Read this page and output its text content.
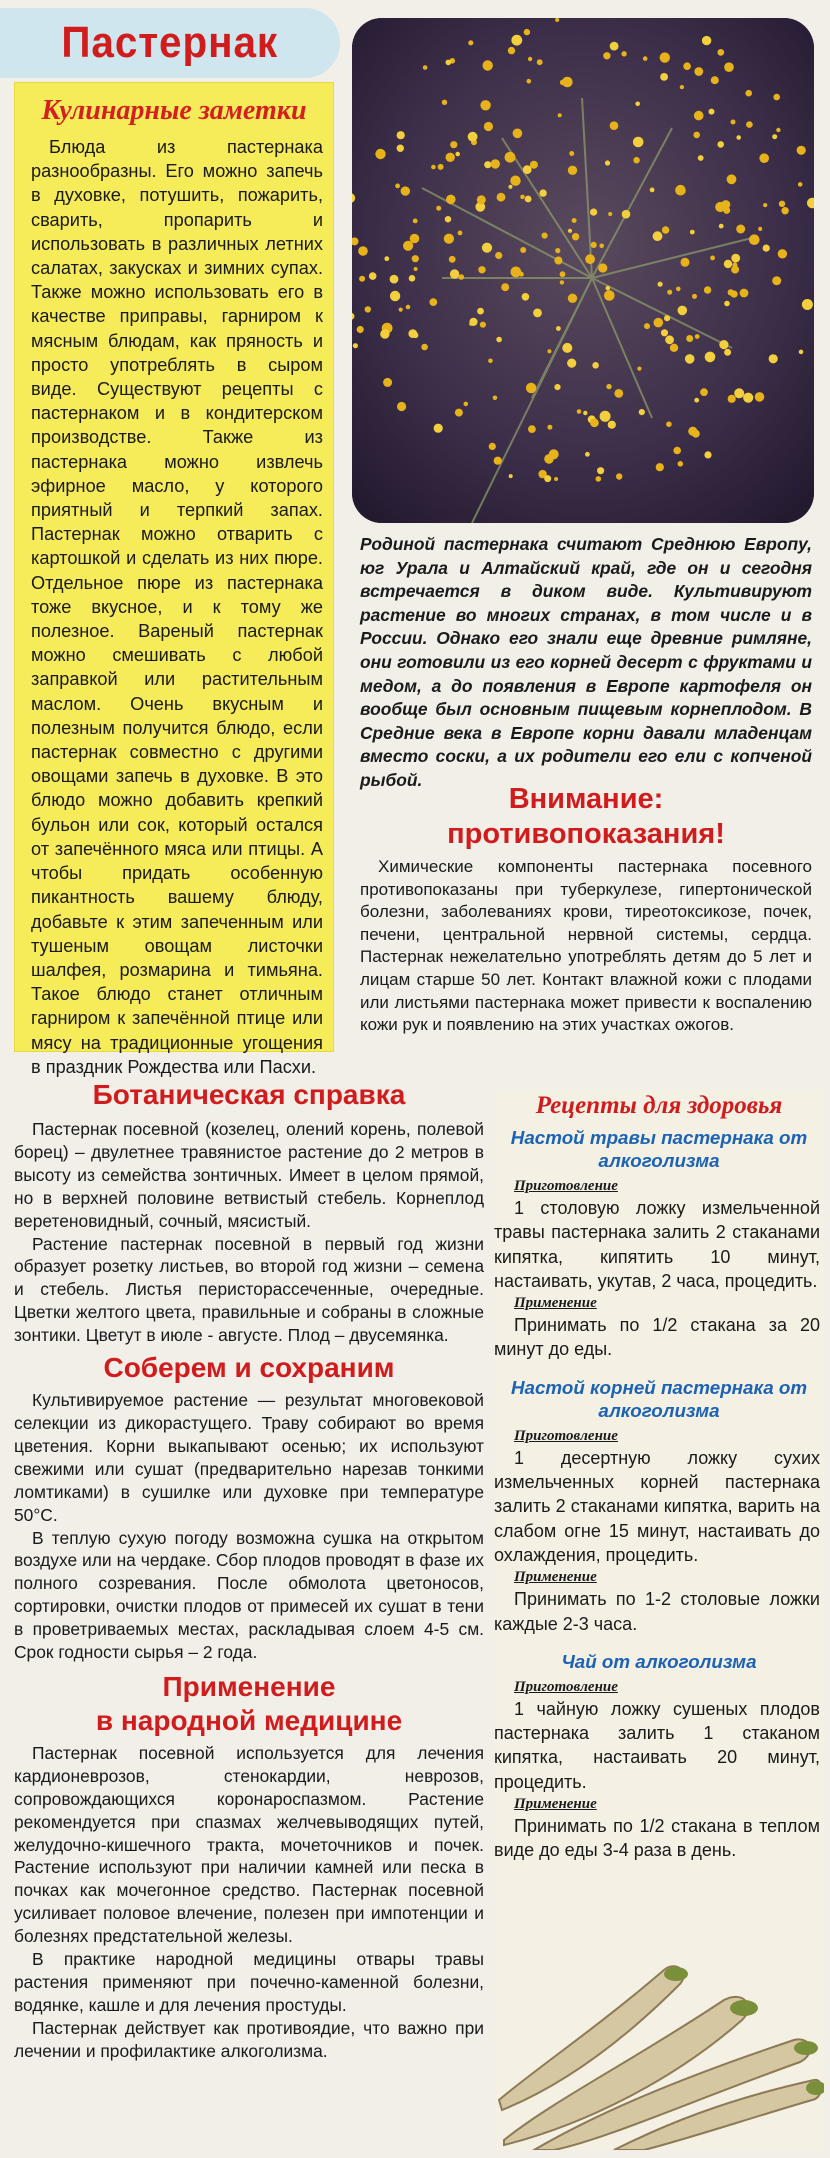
Пастернак
Кулинарные заметки

Блюда из пастернака разнообразны. Его можно запечь в духовке, потушить, пожарить, сварить, пропарить и использовать в различных летних салатах, закусках и зимних супах. Также можно использовать его в качестве приправы, гарниром к мясным блюдам, как пряность и просто употреблять в сыром виде. Существуют рецепты с пастернаком и в кондитерском производстве. Также из пастернака можно извлечь эфирное масло, у которого приятный и терпкий запах. Пастернак можно отварить с картошкой и сделать из них пюре. Отдельное пюре из пастернака тоже вкусное, и к тому же полезное. Вареный пастернак можно смешивать с любой заправкой или растительным маслом. Очень вкусным и полезным получится блюдо, если пастернак совместно с другими овощами запечь в духовке. В это блюдо можно добавить крепкий бульон или сок, который остался от запечённого мяса или птицы. А чтобы придать особенную пикантность вашему блюду, добавьте к этим запеченным или тушеным овощам листочки шалфея, розмарина и тимьяна. Такое блюдо станет отличным гарниром к запечённой птице или мясу на традиционные угощения в праздник Рождества или Пасхи.

Родиной пастернака считают Среднюю Европу, юг Урала и Алтайский край, где он и сегодня встречается в диком виде. Культивируют растение во многих странах, в том числе и в России. Однако его знали еще древние римляне, они готовили из его корней десерт с фруктами и медом, а до появления в Европе картофеля он вообще был основным пищевым корнеплодом. В Средние века в Европе корни давали младенцам вместо соски, а их родители его ели с копченой рыбой.

Внимание:
противопоказания!

Химические компоненты пастернака посевного противопоказаны при туберкулезе, гипертонической болезни, заболеваниях крови, тиреотоксикозе, почек, печени, центральной нервной системы, сердца. Пастернак нежелательно употреблять детям до 5 лет и лицам старше 50 лет. Контакт влажной кожи с плодами или листьями пастернака может привести к воспалению кожи рук и появлению на этих участках ожогов.

Ботаническая справка

Пастернак посевной (козелец, олений корень, полевой борец) – двулетнее травянистое растение до 2 метров в высоту из семейства зонтичных. Имеет в целом прямой, но в верхней половине ветвистый стебель. Корнеплод веретеновидный, сочный, мясистый.

Растение пастернак посевной в первый год жизни образует розетку листьев, во второй год жизни – семена и стебель. Листья перисторассеченные, очередные. Цветки желтого цвета, правильные и собраны в сложные зонтики. Цветут в июле - августе. Плод – двусемянка.

Соберем и сохраним

Культивируемое растение — результат многовековой селекции из дикорастущего. Траву собирают во время цветения. Корни выкапывают осенью; их используют свежими или сушат (предварительно нарезав тонкими ломтиками) в сушилке или духовке при температуре 50°С.

В теплую сухую погоду возможна сушка на открытом воздухе или на чердаке. Сбор плодов проводят в фазе их полного созревания. После обмолота цветоносов, сортировки, очистки плодов от примесей их сушат в тени в проветриваемых местах, раскладывая слоем 4-5 см. Срок годности сырья – 2 года.

Применение
в народной медицине

Пастернак посевной используется для лечения кардионеврозов, стенокардии, неврозов, сопровождающихся коронароспазмом. Растение рекомендуется при спазмах желчевыводящих путей, желудочно-кишечного тракта, мочеточников и почек. Растение используют при наличии камней или песка в почках как мочегонное средство. Пастернак посевной усиливает половое влечение, полезен при импотенции и болезнях предстательной железы.

В практике народной медицины отвары травы растения применяют при почечно-каменной болезни, водянке, кашле и для лечения простуды.

Пастернак действует как противоядие, что важно при лечении и профилактике алкоголизма.

Рецепты для здоровья
Настой травы пастернака от алкоголизма
Приготовление

1 столовую ложку измельченной травы пастернака залить 2 стаканами кипятка, кипятить 10 минут, настаивать, укутав, 2 часа, процедить.

Применение

Принимать по 1/2 стакана за 20 минут до еды.

Настой корней пастернака от алкоголизма
Приготовление

1 десертную ложку сухих измельченных корней пастернака залить 2 стаканами кипятка, варить на слабом огне 15 минут, настаивать до охлаждения, процедить.

Применение

Принимать по 1-2 столовые ложки каждые 2-3 часа.

Чай от алкоголизма
Приготовление

1 чайную ложку сушеных плодов пастернака залить 1 стаканом кипятка, настаивать 20 минут, процедить.

Применение

Принимать по 1/2 стакана в теплом виде до еды 3-4 раза в день.
